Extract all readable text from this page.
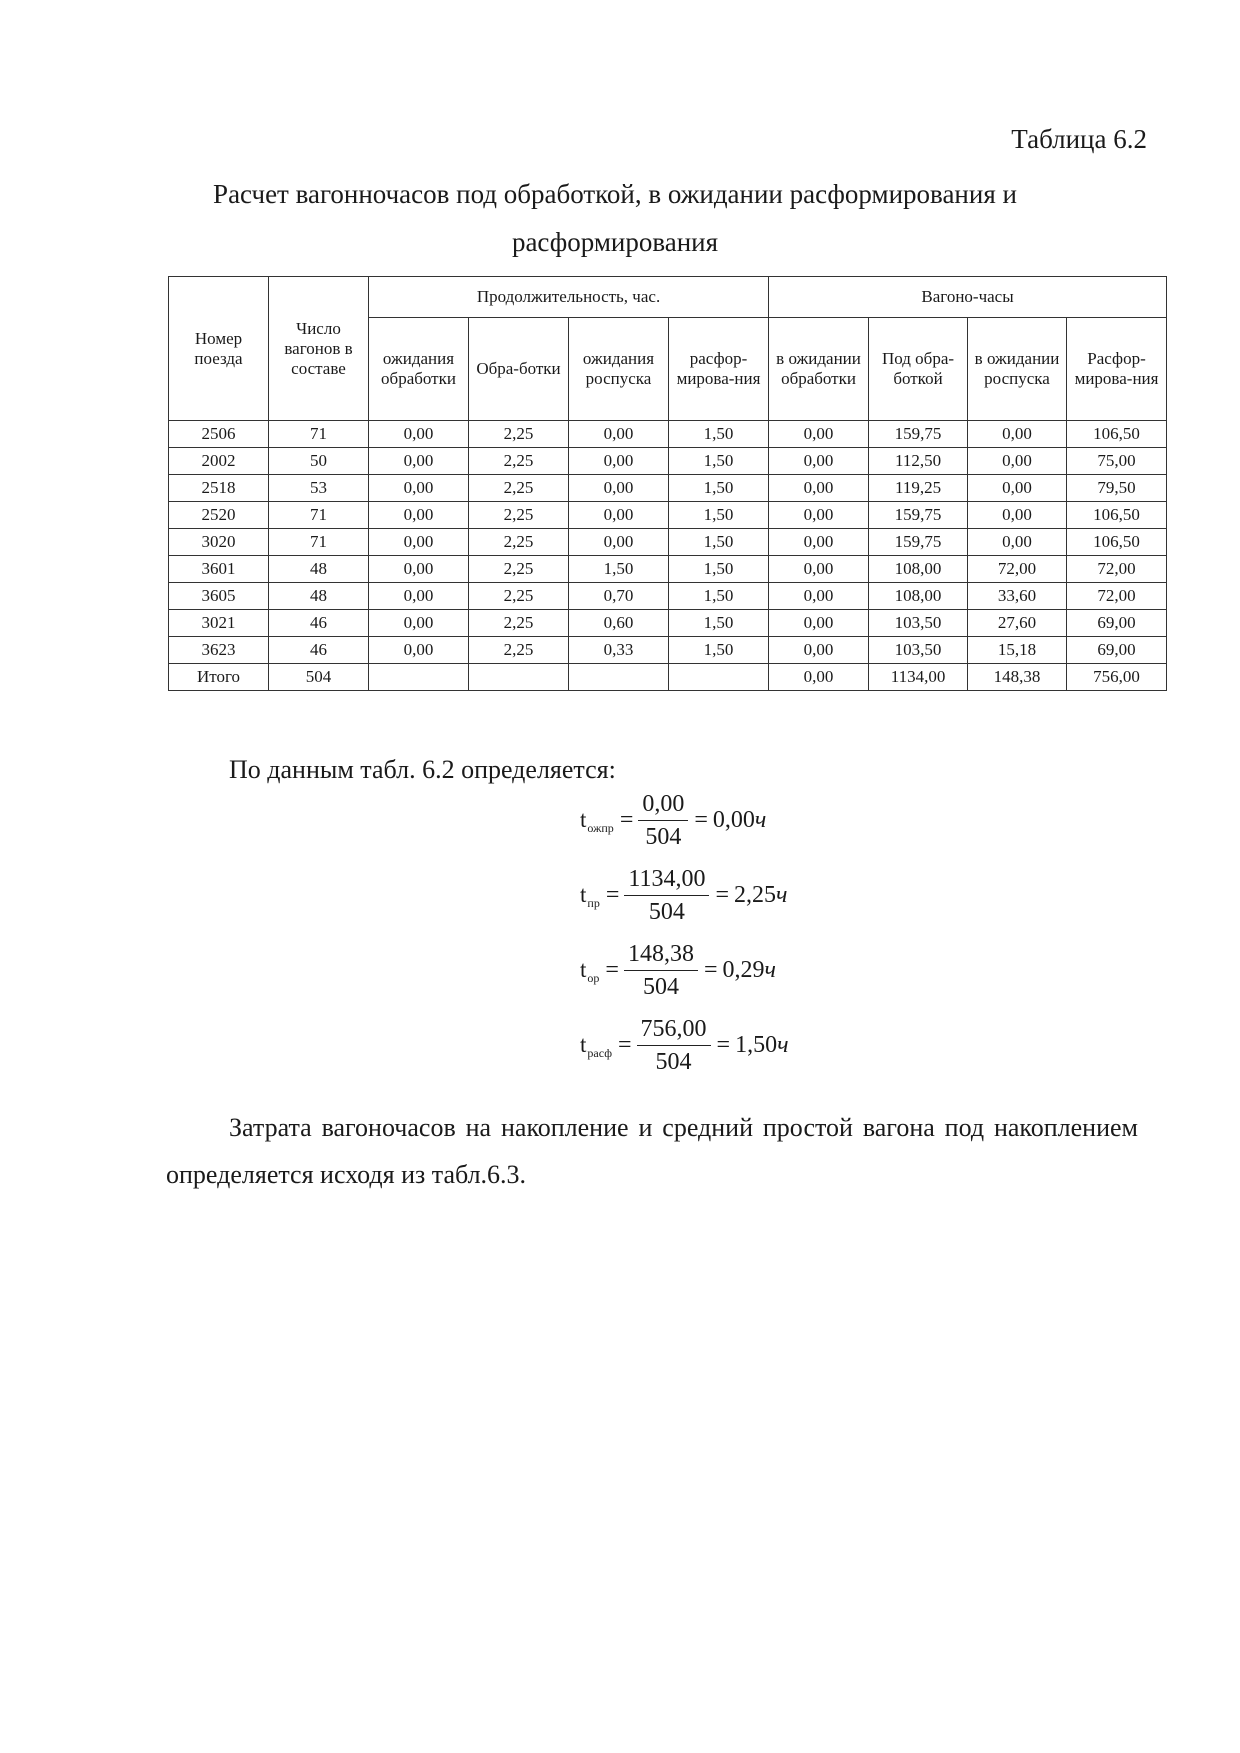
Таблица 6.2
Расчет вагонночасов под обработкой, в ожидании расформирования и расформирования
Номер поезда	Число вагонов в составе	Продолжительность, час.				Вагоно-часы			
		ожидания обработки	Обра-ботки	ожидания роспуска	расфор-мирова-ния	в ожидании обработки	Под обра-боткой	в ожидании роспуска	Расфор-мирова-ния
2506	71	0,00	2,25	0,00	1,50	0,00	159,75	0,00	106,50
2002	50	0,00	2,25	0,00	1,50	0,00	112,50	0,00	75,00
2518	53	0,00	2,25	0,00	1,50	0,00	119,25	0,00	79,50
2520	71	0,00	2,25	0,00	1,50	0,00	159,75	0,00	106,50
3020	71	0,00	2,25	0,00	1,50	0,00	159,75	0,00	106,50
3601	48	0,00	2,25	1,50	1,50	0,00	108,00	72,00	72,00
3605	48	0,00	2,25	0,70	1,50	0,00	108,00	33,60	72,00
3021	46	0,00	2,25	0,60	1,50	0,00	103,50	27,60	69,00
3623	46	0,00	2,25	0,33	1,50	0,00	103,50	15,18	69,00
Итого	504					0,00	1134,00	148,38	756,00
По данным табл. 6.2 определяется:
t ожпр = $\frac{0,00}{504} = 0,00$ ч
t пр = $\frac{1134,00}{504} = 2,25$ ч
t ор = $\frac{148,38}{504} = 0,29$ ч
t расф = $\frac{756,00}{504} = 1,50$ ч
Затрата вагоночасов на накопление и средний простой вагона под накоплением определяется исходя из табл.6.3.
